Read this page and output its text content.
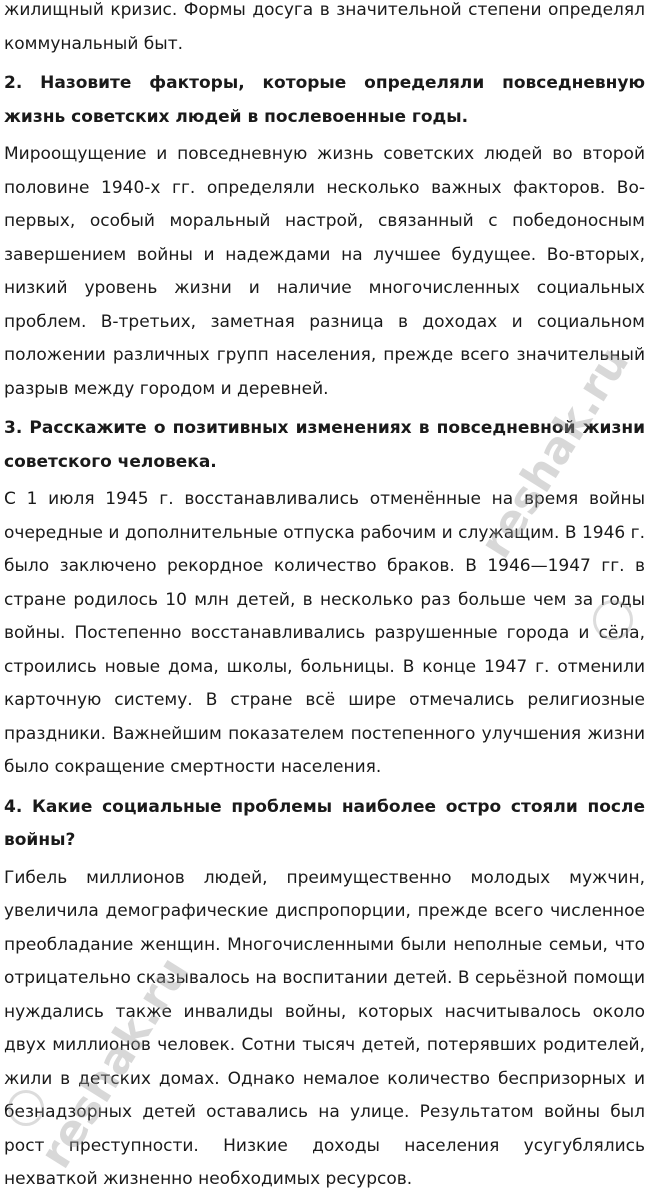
жилищный кризис. Формы досуга в значительной степени определял коммунальный быт.

2. Назовите факторы, которые определяли повседневную жизнь советских людей в послевоенные годы.

Мироощущение и повседневную жизнь советских людей во второй половине 1940-х гг. определяли несколько важных факторов. Во-первых, особый моральный настрой, связанный с победоносным завершением войны и надеждами на лучшее будущее. Во-вторых, низкий уровень жизни и наличие многочисленных социальных проблем. В-третьих, заметная разница в доходах и социальном положении различных групп населения, прежде всего значительный разрыв между городом и деревней.

3. Расскажите о позитивных изменениях в повседневной жизни советского человека.

С 1 июля 1945 г. восстанавливались отменённые на время войны очередные и дополнительные отпуска рабочим и служащим. В 1946 г. было заключено рекордное количество браков. В 1946—1947 гг. в стране родилось 10 млн детей, в несколько раз больше чем за годы войны. Постепенно восстанавливались разрушенные города и сёла, строились новые дома, школы, больницы. В конце 1947 г. отменили карточную систему. В стране всё шире отмечались религиозные праздники. Важнейшим показателем постепенного улучшения жизни было сокращение смертности населения.

4. Какие социальные проблемы наиболее остро стояли после войны?

Гибель миллионов людей, преимущественно молодых мужчин, увеличила демографические диспропорции, прежде всего численное преобладание женщин. Многочисленными были неполные семьи, что отрицательно сказывалось на воспитании детей. В серьёзной помощи нуждались также инвалиды войны, которых насчитывалось около двух миллионов человек. Сотни тысяч детей, потерявших родителей, жили в детских домах. Однако немалое количество беспризорных и безнадзорных детей оставались на улице. Результатом войны был рост преступности. Низкие доходы населения усугублялись нехваткой жизненно необходимых ресурсов.

reshak.ru
reshak.ru
